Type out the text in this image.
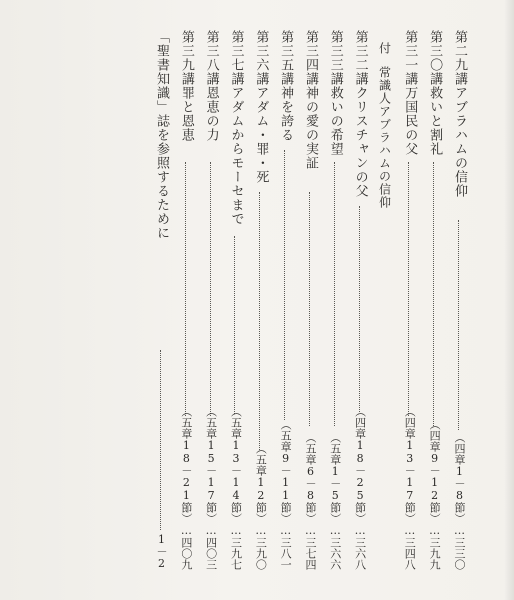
第二九講
アブラハムの信仰
（四章1－8節）…三三〇
第三〇講
救いと割礼
（四章9－12節）…三九九
第三一講
万国民の父
（四章13－17節）…三四八
付
常識人アブラハムの信仰
第三二講
クリスチャンの父
（四章18－25節）…三六八
第三三講
救いの希望
（五章1－5節）…三六六
第三四講
神の愛の実証
（五章6－8節）…三七四
第三五講
神を誇る
（五章9－11節）…三八一
第三六講
アダム・罪・死
（五章12節）…三九〇
第三七講
アダムからモーセまで
（五章13－14節）…三九七
第三八講
恩恵の力
（五章15－17節）…四〇三
第三九講
罪と恩恵
（五章18－21節）…四〇九
「聖書知識」誌を参照するために
1－2
